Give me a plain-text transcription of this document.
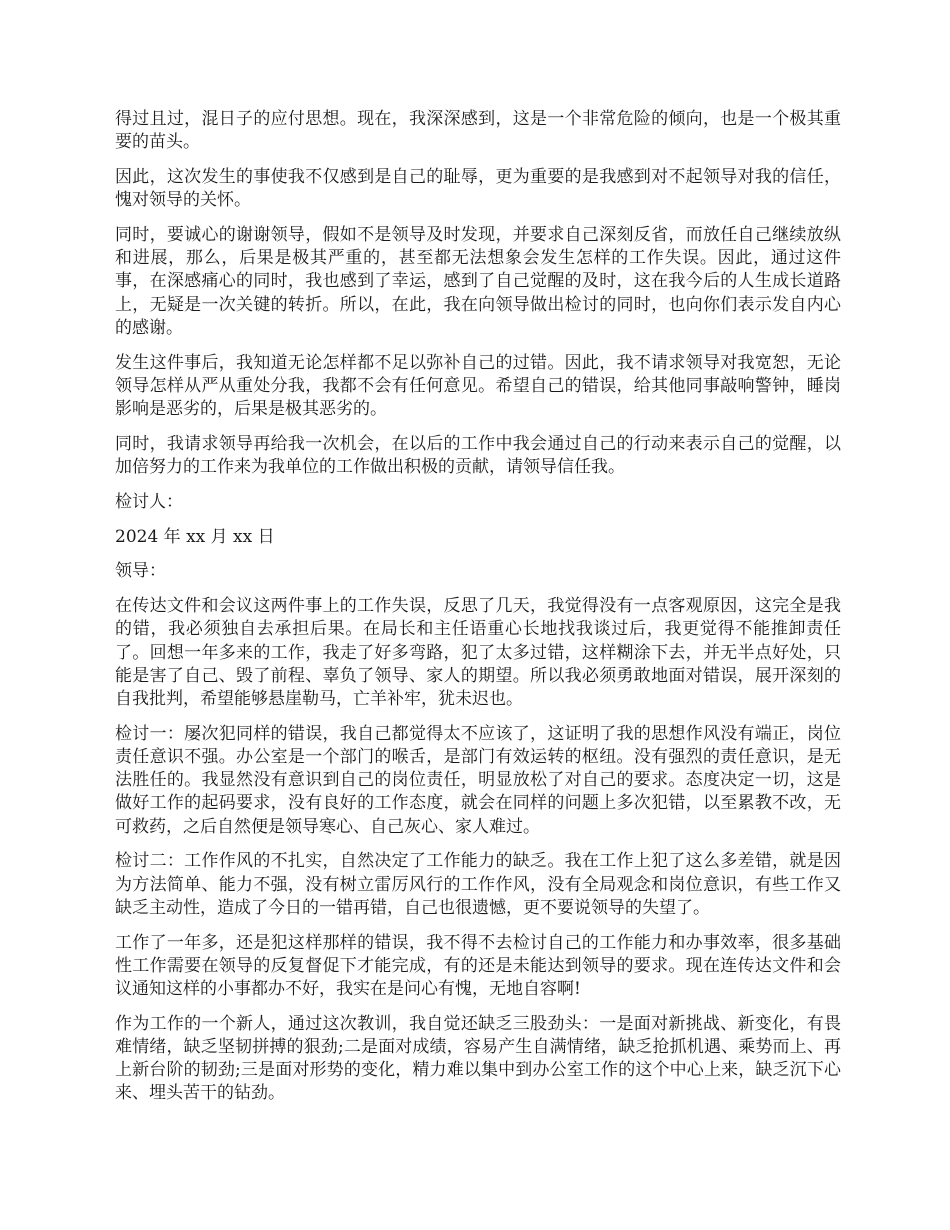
得过且过，混日子的应付思想。现在，我深深感到，这是一个非常危险的倾向，也是一个极其重要的苗头。

因此，这次发生的事使我不仅感到是自己的耻辱，更为重要的是我感到对不起领导对我的信任，愧对领导的关怀。

同时，要诚心的谢谢领导，假如不是领导及时发现，并要求自己深刻反省，而放任自己继续放纵和进展，那么，后果是极其严重的，甚至都无法想象会发生怎样的工作失误。因此，通过这件事，在深感痛心的同时，我也感到了幸运，感到了自己觉醒的及时，这在我今后的人生成长道路上，无疑是一次关键的转折。所以，在此，我在向领导做出检讨的同时，也向你们表示发自内心的感谢。

发生这件事后，我知道无论怎样都不足以弥补自己的过错。因此，我不请求领导对我宽恕，无论领导怎样从严从重处分我，我都不会有任何意见。希望自己的错误，给其他同事敲响警钟，睡岗影响是恶劣的，后果是极其恶劣的。

同时，我请求领导再给我一次机会，在以后的工作中我会通过自己的行动来表示自己的觉醒，以加倍努力的工作来为我单位的工作做出积极的贡献，请领导信任我。

检讨人：

2024 年 xx 月 xx 日

领导：

在传达文件和会议这两件事上的工作失误，反思了几天，我觉得没有一点客观原因，这完全是我的错，我必须独自去承担后果。在局长和主任语重心长地找我谈过后，我更觉得不能推卸责任了。回想一年多来的工作，我走了好多弯路，犯了太多过错，这样糊涂下去，并无半点好处，只能是害了自己、毁了前程、辜负了领导、家人的期望。所以我必须勇敢地面对错误，展开深刻的自我批判，希望能够悬崖勒马，亡羊补牢，犹未迟也。

检讨一：屡次犯同样的错误，我自己都觉得太不应该了，这证明了我的思想作风没有端正，岗位责任意识不强。办公室是一个部门的喉舌，是部门有效运转的枢纽。没有强烈的责任意识，是无法胜任的。我显然没有意识到自己的岗位责任，明显放松了对自己的要求。态度决定一切，这是做好工作的起码要求，没有良好的工作态度，就会在同样的问题上多次犯错，以至累教不改，无可救药，之后自然便是领导寒心、自己灰心、家人难过。

检讨二：工作作风的不扎实，自然决定了工作能力的缺乏。我在工作上犯了这么多差错，就是因为方法简单、能力不强，没有树立雷厉风行的工作作风，没有全局观念和岗位意识，有些工作又缺乏主动性，造成了今日的一错再错，自己也很遗憾，更不要说领导的失望了。

工作了一年多，还是犯这样那样的错误，我不得不去检讨自己的工作能力和办事效率，很多基础性工作需要在领导的反复督促下才能完成，有的还是未能达到领导的要求。现在连传达文件和会议通知这样的小事都办不好，我实在是问心有愧，无地自容啊!

作为工作的一个新人，通过这次教训，我自觉还缺乏三股劲头：一是面对新挑战、新变化，有畏难情绪，缺乏坚韧拼搏的狠劲;二是面对成绩，容易产生自满情绪，缺乏抢抓机遇、乘势而上、再上新台阶的韧劲;三是面对形势的变化，精力难以集中到办公室工作的这个中心上来，缺乏沉下心来、埋头苦干的钻劲。
